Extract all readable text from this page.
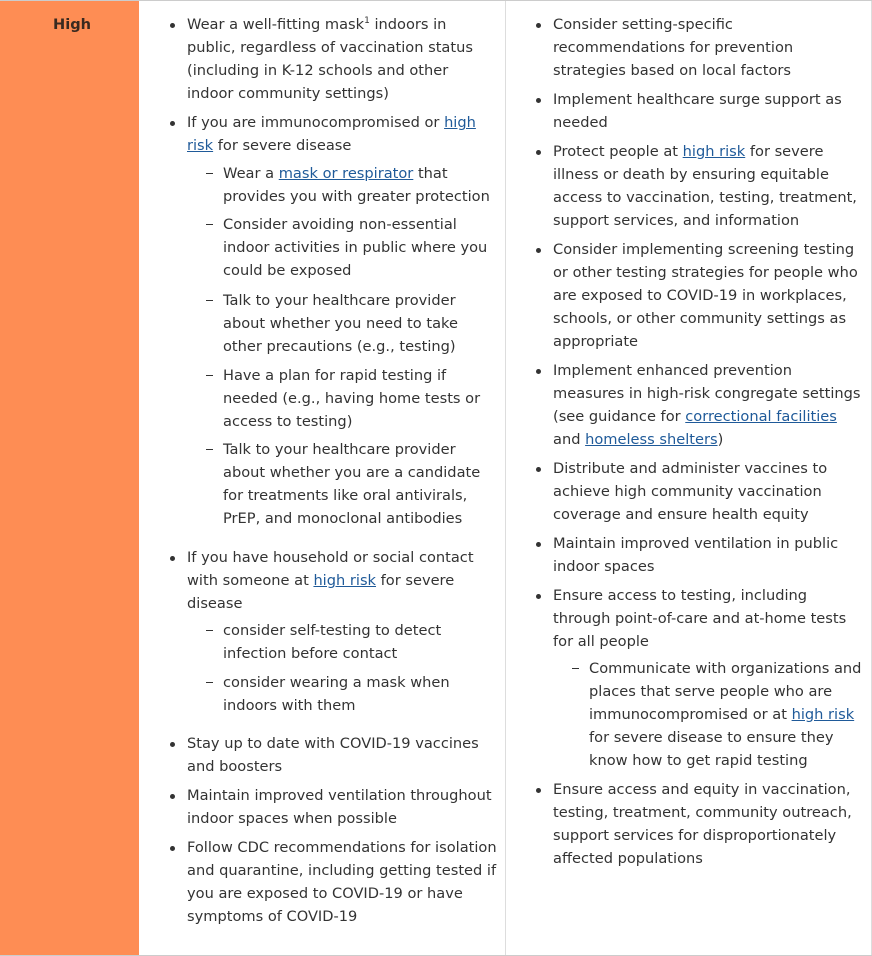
High	Wear a well-fitting mask$^1$ indoors in public, regardless of vaccination status (including in K-12 schools and other indoor community settings)
If you are immunocompromised or high risk for severe disease
Wear a mask or respirator that provides you with greater protection
Consider avoiding non-essential indoor activities in public where you could be exposed
Talk to your healthcare provider about whether you need to take other precautions (e.g., testing)
Have a plan for rapid testing if needed (e.g., having home tests or access to testing)
Talk to your healthcare provider about whether you are a candidate for treatments like oral antivirals, PrEP, and monoclonal antibodies
If you have household or social contact with someone at high risk for severe disease
consider self-testing to detect infection before contact
consider wearing a mask when indoors with them
Stay up to date with COVID-19 vaccines and boosters
Maintain improved ventilation throughout indoor spaces when possible
Follow CDC recommendations for isolation and quarantine, including getting tested if you are exposed to COVID-19 or have symptoms of COVID-19
Consider setting-specific recommendations for prevention strategies based on local factors
Implement healthcare surge support as needed
Protect people at high risk for severe illness or death by ensuring equitable access to vaccination, testing, treatment, support services, and information
Consider implementing screening testing or other testing strategies for people who are exposed to COVID-19 in workplaces, schools, or other community settings as appropriate
Implement enhanced prevention measures in high-risk congregate settings (see guidance for correctional facilities and homeless shelters)
Distribute and administer vaccines to achieve high community vaccination coverage and ensure health equity
Maintain improved ventilation in public indoor spaces
Ensure access to testing, including through point-of-care and at-home tests for all people
Communicate with organizations and places that serve people who are immunocompromised or at high risk for severe disease to ensure they know how to get rapid testing
Ensure access and equity in vaccination, testing, treatment, community outreach, support services for disproportionately affected populations
